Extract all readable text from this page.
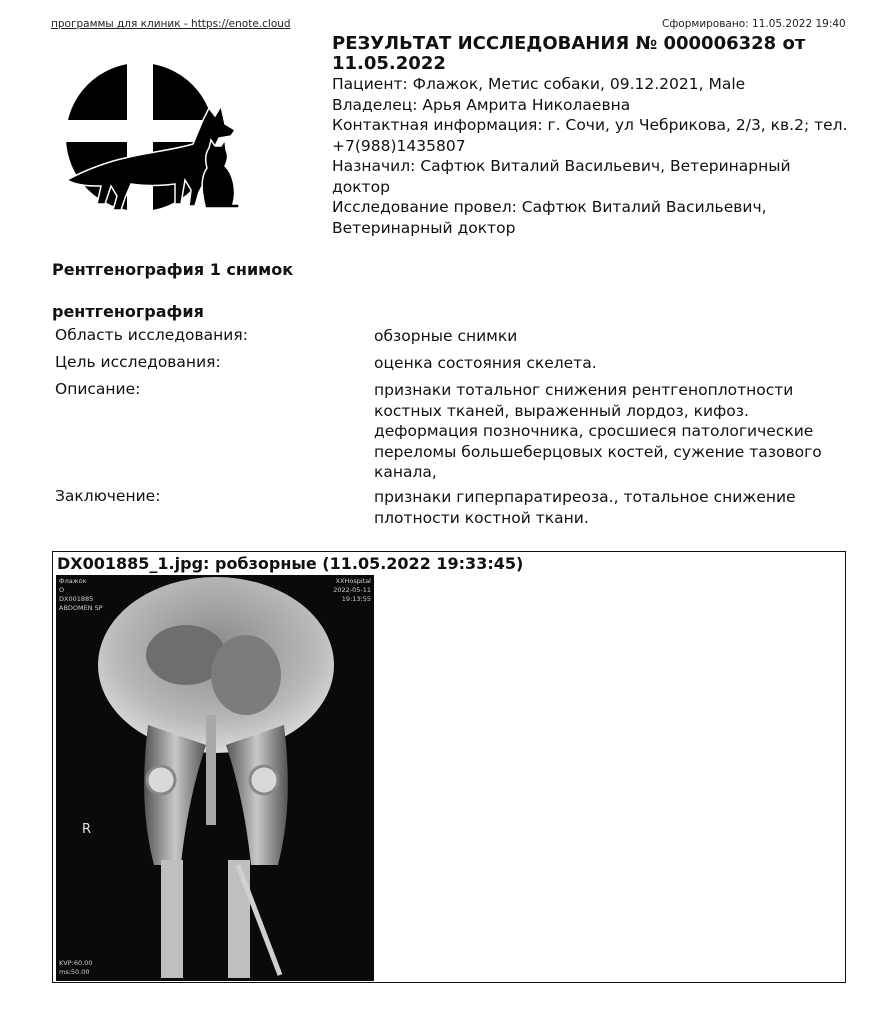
программы для клиник - https://enote.cloud	Сформировано: 11.05.2022 19:40

РЕЗУЛЬТАТ ИССЛЕДОВАНИЯ № 000006328 от 11.05.2022

Пациент: Флажок, Метис собаки, 09.12.2021, Male

Владелец: Арья Амрита Николаевна

Контактная информация: г. Сочи, ул Чебрикова, 2/3, кв.2; тел. +7(988)1435807

Назначил: Сафтюк Виталий Васильевич, Ветеринарный доктор

Исследование провел: Сафтюк Виталий Васильевич, Ветеринарный доктор

Рентгенография 1 снимок
рентгенография
Область исследования:	обзорные снимки
Цель исследования:	оценка состояния скелета.
Описание:	признаки тотальног снижения рентгеноплотности костных тканей, выраженный лордоз, кифоз. деформация позночника, сросшиеся патологические переломы большеберцовых костей, сужение тазового канала,
Заключение:	признаки гиперпаратиреоза., тотальное снижение плотности костной ткани.
DX001885_1.jpg: робзорные (11.05.2022 19:33:45)
Флажок
O
DX001885
ABDOMEN SP
XXHospital
2022-05-11
19:13:55
KVP:60.00
ms:50.00
R
